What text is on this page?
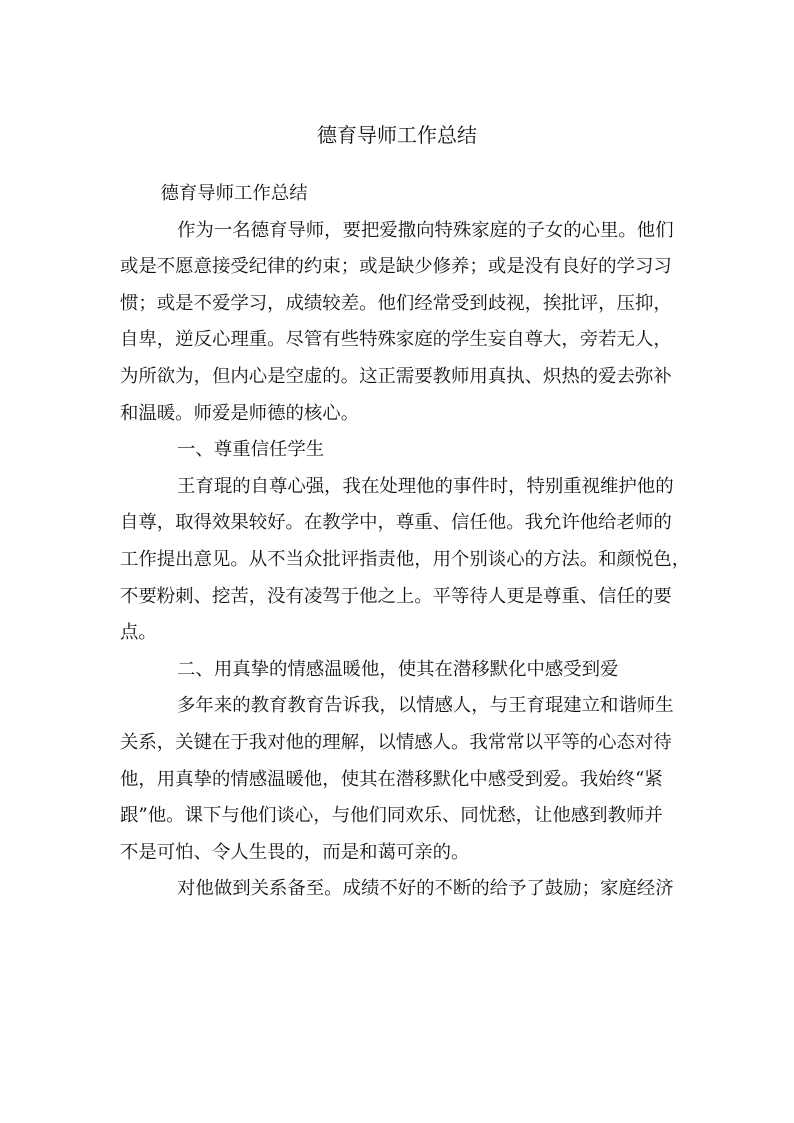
德育导师工作总结

德育导师工作总结

作为一名德育导师，要把爱撒向特殊家庭的子女的心里。他们
或是不愿意接受纪律的约束；或是缺少修养；或是没有良好的学习习
惯；或是不爱学习，成绩较差。他们经常受到歧视，挨批评，压抑，
自卑，逆反心理重。尽管有些特殊家庭的学生妄自尊大，旁若无人，
为所欲为，但内心是空虚的。这正需要教师用真执、炽热的爱去弥补
和温暖。师爱是师德的核心。

一、尊重信任学生

王育琨的自尊心强，我在处理他的事件时，特别重视维护他的
自尊，取得效果较好。在教学中，尊重、信任他。我允许他给老师的
工作提出意见。从不当众批评指责他，用个别谈心的方法。和颜悦色，
不要粉刺、挖苦，没有凌驾于他之上。平等待人更是尊重、信任的要
点。

二、用真挚的情感温暖他，使其在潜移默化中感受到爱

多年来的教育教育告诉我，以情感人，与王育琨建立和谐师生
关系，关键在于我对他的理解，以情感人。我常常以平等的心态对待
他，用真挚的情感温暖他，使其在潜移默化中感受到爱。我始终“紧
跟”他。课下与他们谈心，与他们同欢乐、同忧愁，让他感到教师并
不是可怕、令人生畏的，而是和蔼可亲的。

对他做到关系备至。成绩不好的不断的给予了鼓励；家庭经济
